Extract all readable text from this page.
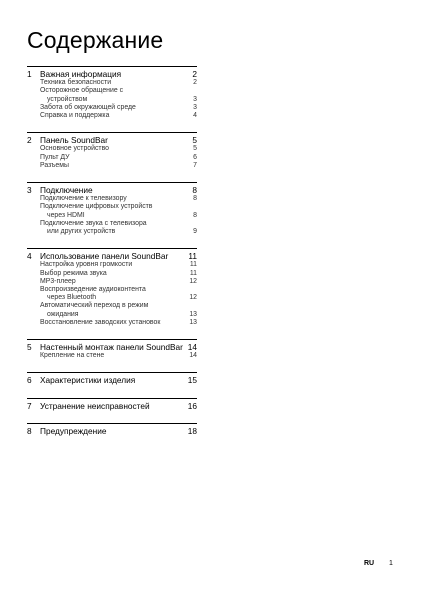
Содержание
1	Важная информация	2
Техника безопасности	2
Осторожное обращение с
устройством	3
Забота об окружающей среде	3
Справка и поддержка	4
2	Панель SoundBar	5
Основное устройство	5
Пульт ДУ	6
Разъемы	7
3	Подключение	8
Подключение к телевизору	8
Подключение цифровых устройств
через HDMI	8
Подключение звука с телевизора
или других устройств	9
4	Использование панели SoundBar	11
Настройка уровня громкости	11
Выбор режима звука	11
MP3-плеер	12
Воспроизведение аудиоконтента
через Bluetooth	12
Автоматический переход в режим
ожидания	13
Восстановление заводских установок	13
5	Настенный монтаж панели SoundBar 14
Крепление на стене	14
6	Характеристики изделия	15
7	Устранение неисправностей	16
8	Предупреждение	18
RU 1
